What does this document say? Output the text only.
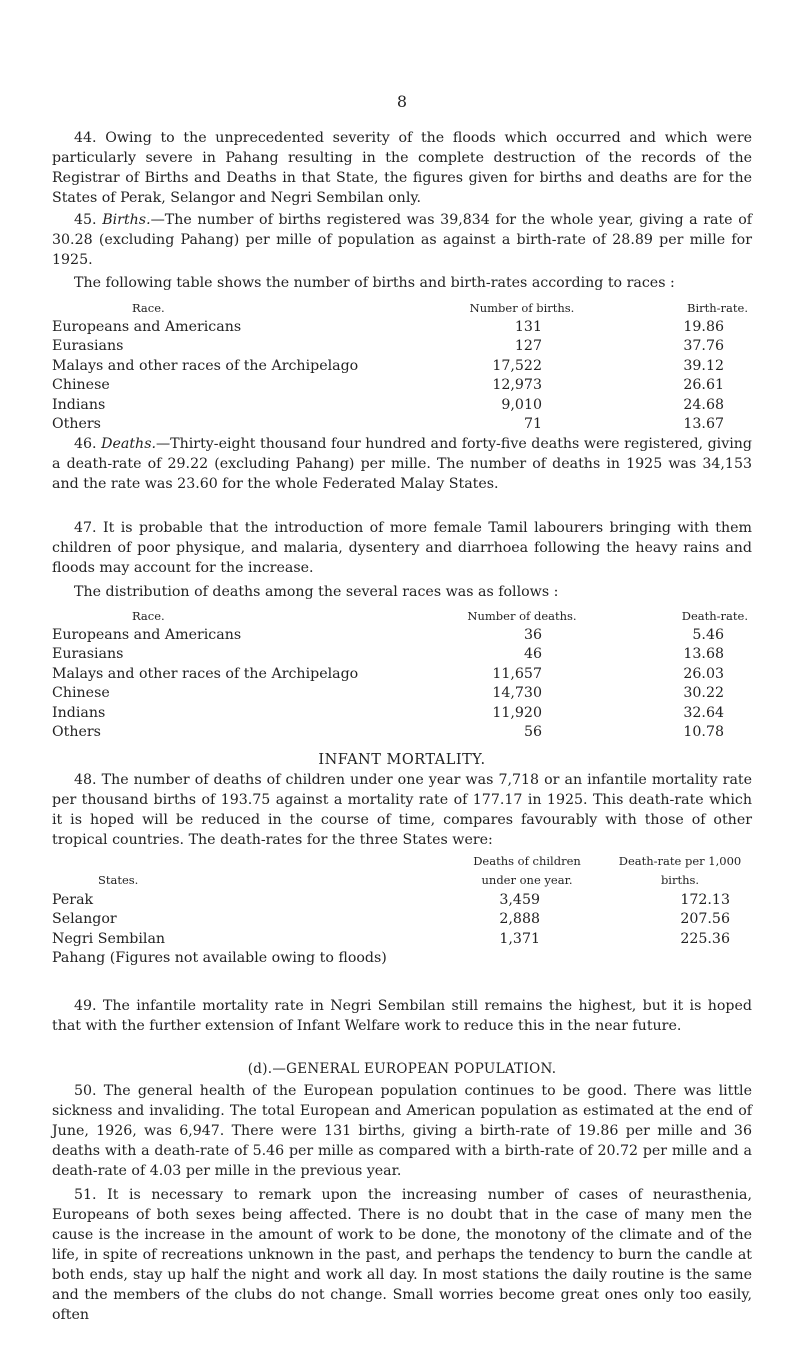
8

44. Owing to the unprecedented severity of the floods which occurred and which were particularly severe in Pahang resulting in the complete destruction of the records of the Registrar of Births and Deaths in that State, the figures given for births and deaths are for the States of Perak, Selangor and Negri Sembilan only.

45. Births.—The number of births registered was 39,834 for the whole year, giving a rate of 30.28 (excluding Pahang) per mille of population as against a birth-rate of 28.89 per mille for 1925.

The following table shows the number of births and birth-rates according to races :

Race.	Number of births.	Birth-rate.
Europeans and Americans	131	19.86
Eurasians	127	37.76
Malays and other races of the Archipelago	17,522	39.12
Chinese	12,973	26.61
Indians	9,010	24.68
Others	71	13.67

46. Deaths.—Thirty-eight thousand four hundred and forty-five deaths were registered, giving a death-rate of 29.22 (excluding Pahang) per mille. The number of deaths in 1925 was 34,153 and the rate was 23.60 for the whole Federated Malay States.

47. It is probable that the introduction of more female Tamil labourers bringing with them children of poor physique, and malaria, dysentery and diarrhoea following the heavy rains and floods may account for the increase.

The distribution of deaths among the several races was as follows :

Race.	Number of deaths.	Death-rate.
Europeans and Americans	36	5.46
Eurasians	46	13.68
Malays and other races of the Archipelago	11,657	26.03
Chinese	14,730	30.22
Indians	11,920	32.64
Others	56	10.78
INFANT MORTALITY.

48. The number of deaths of children under one year was 7,718 or an infantile mortality rate per thousand births of 193.75 against a mortality rate of 177.17 in 1925. This death-rate which it is hoped will be reduced in the course of time, compares favourably with those of other tropical countries. The death-rates for the three States were:

States.	Deaths of children under one year.	Death-rate per 1,000 births.
Perak	3,459	172.13
Selangor	2,888	207.56
Negri Sembilan	1,371	225.36
Pahang (Figures not available owing to floods)		

49. The infantile mortality rate in Negri Sembilan still remains the highest, but it is hoped that with the further extension of Infant Welfare work to reduce this in the near future.

(d).—GENERAL EUROPEAN POPULATION.

50. The general health of the European population continues to be good. There was little sickness and invaliding. The total European and American population as estimated at the end of June, 1926, was 6,947. There were 131 births, giving a birth-rate of 19.86 per mille and 36 deaths with a death-rate of 5.46 per mille as compared with a birth-rate of 20.72 per mille and a death-rate of 4.03 per mille in the previous year.

51. It is necessary to remark upon the increasing number of cases of neurasthenia, Europeans of both sexes being affected. There is no doubt that in the case of many men the cause is the increase in the amount of work to be done, the monotony of the climate and of the life, in spite of recreations unknown in the past, and perhaps the tendency to burn the candle at both ends, stay up half the night and work all day. In most stations the daily routine is the same and the members of the clubs do not change. Small worries become great ones only too easily, often
